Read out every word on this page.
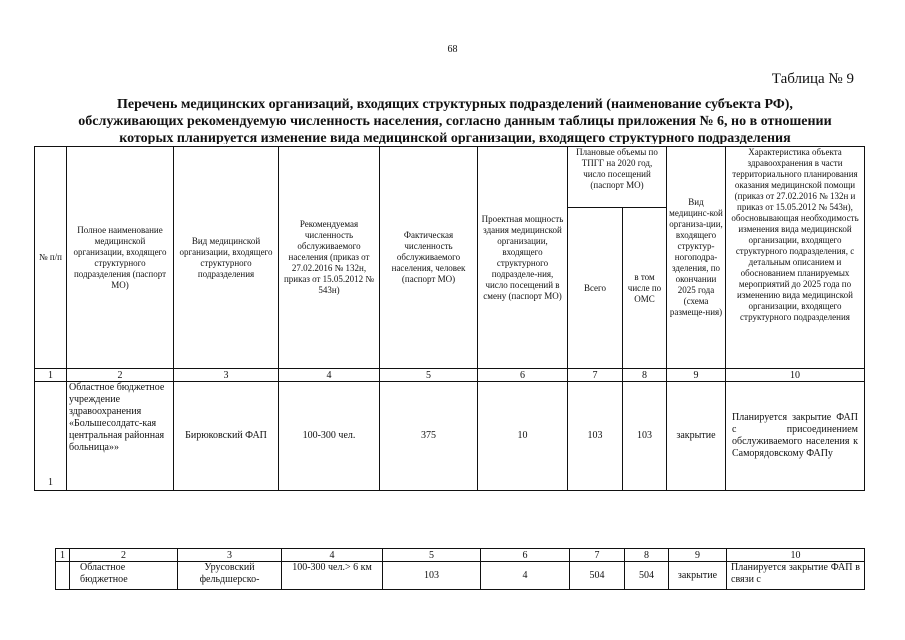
68
Таблица № 9
Перечень медицинских организаций, входящих структурных подразделений (наименование субъекта РФ),
обслуживающих рекомендуемую численность населения, согласно данным таблицы приложения № 6, но в отношении
которых планируется изменение вида медицинской организации, входящего структурного подразделения
№ п/п	Полное наименование медицинской организации, входящего структурного подразделения (паспорт МО)	Вид медицинской организации, входящего структурного подразделения	Рекомендуемая численность обслуживаемого населения (приказ от 27.02.2016 № 132н, приказ от 15.05.2012 № 543н)	Фактическая численность обслуживаемого населения, человек (паспорт МО)	Проектная мощность здания медицинской организации, входящего структурного подразделе-ния, число посещений в смену (паспорт МО)	Плановые объемы по ТПГГ на 2020 год, число посещений (паспорт МО)		Вид медицинс-кой организа-ции, входящего структур-ногоподра-зделения, по окончании 2025 года (схема размеще-ния)	Характеристика объекта здравоохранения в части территориального планирования оказания медицинской помощи (приказ от 27.02.2016 № 132н и приказ от 15.05.2012 № 543н), обосновывающая необходимость изменения вида медицинской организации, входящего структурного подразделения, с детальным описанием и обоснованием планируемых мероприятий до 2025 года по изменению вида медицинской организации, входящего структурного подразделения
						Всего	в том числе по ОМС		
1	2	3	4	5	6	7	8	9	10
1	Областное бюджетное учреждение здравоохранения «Большесолдатс-кая центральная районная больница»»	Бирюковский ФАП	100-300 чел.	375	10	103	103	закрытие	Планируется закрытие ФАП с присоединением обслуживаемого населения к Саморядовскому ФАПу
1	2	3	4	5	6	7	8	9	10
	Областное бюджетное	Урусовский фельдшерско-	100-300 чел.> 6 км	103	4	504	504	закрытие	Планируется закрытие ФАП в связи с
